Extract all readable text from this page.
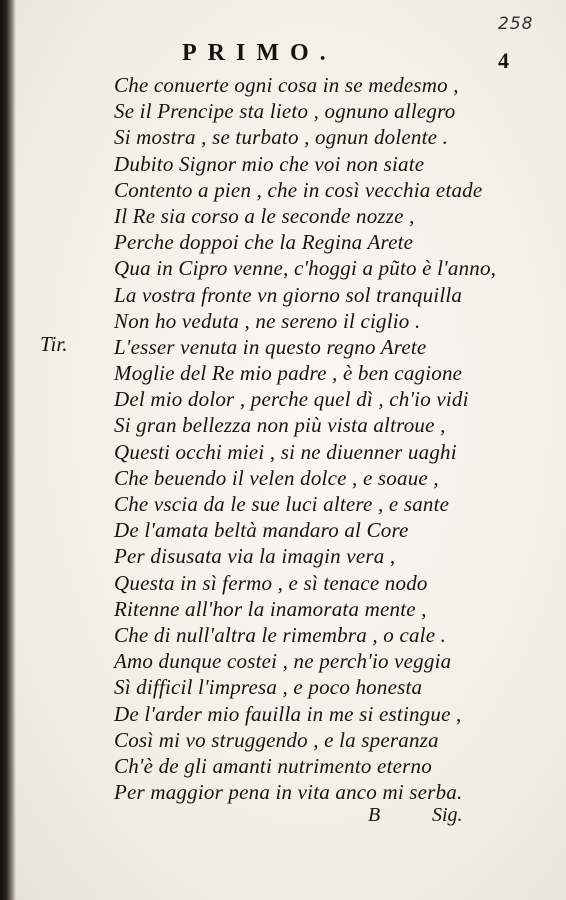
258
PRIMO.	4
Tir.
Che conuerte ogni cosa in se medesmo ,
Se il Prencipe sta lieto , ognuno allegro
Si mostra , se turbato , ognun dolente .
Dubito Signor mio che voi non siate
Contento a pien , che in così vecchia etade
Il Re sia corso a le seconde nozze ,
Perche doppoi che la Regina Arete
Qua in Cipro venne, c'hoggi a pũto è l'anno,
La vostra fronte vn giorno sol tranquilla
Non ho veduta , ne sereno il ciglio .
L'esser venuta in questo regno Arete
Moglie del Re mio padre , è ben cagione
Del mio dolor , perche quel dì , ch'io vidi
Si gran bellezza non più vista altroue ,
Questi occhi miei , si ne diuenner uaghi
Che beuendo il velen dolce , e soaue ,
Che vscia da le sue luci altere , e sante
De l'amata beltà mandaro al Core
Per disusata via la imagin vera ,
Questa in sì fermo , e sì tenace nodo
Ritenne all'hor la inamorata mente ,
Che di null'altra le rimembra , o cale .
Amo dunque costei , ne perch'io veggia
Sì difficil l'impresa , e poco honesta
De l'arder mio fauilla in me si estingue ,
Così mi vo struggendo , e la speranza
Ch'è de gli amanti nutrimento eterno
Per maggior pena in vita anco mi serba.
B	Sig.
